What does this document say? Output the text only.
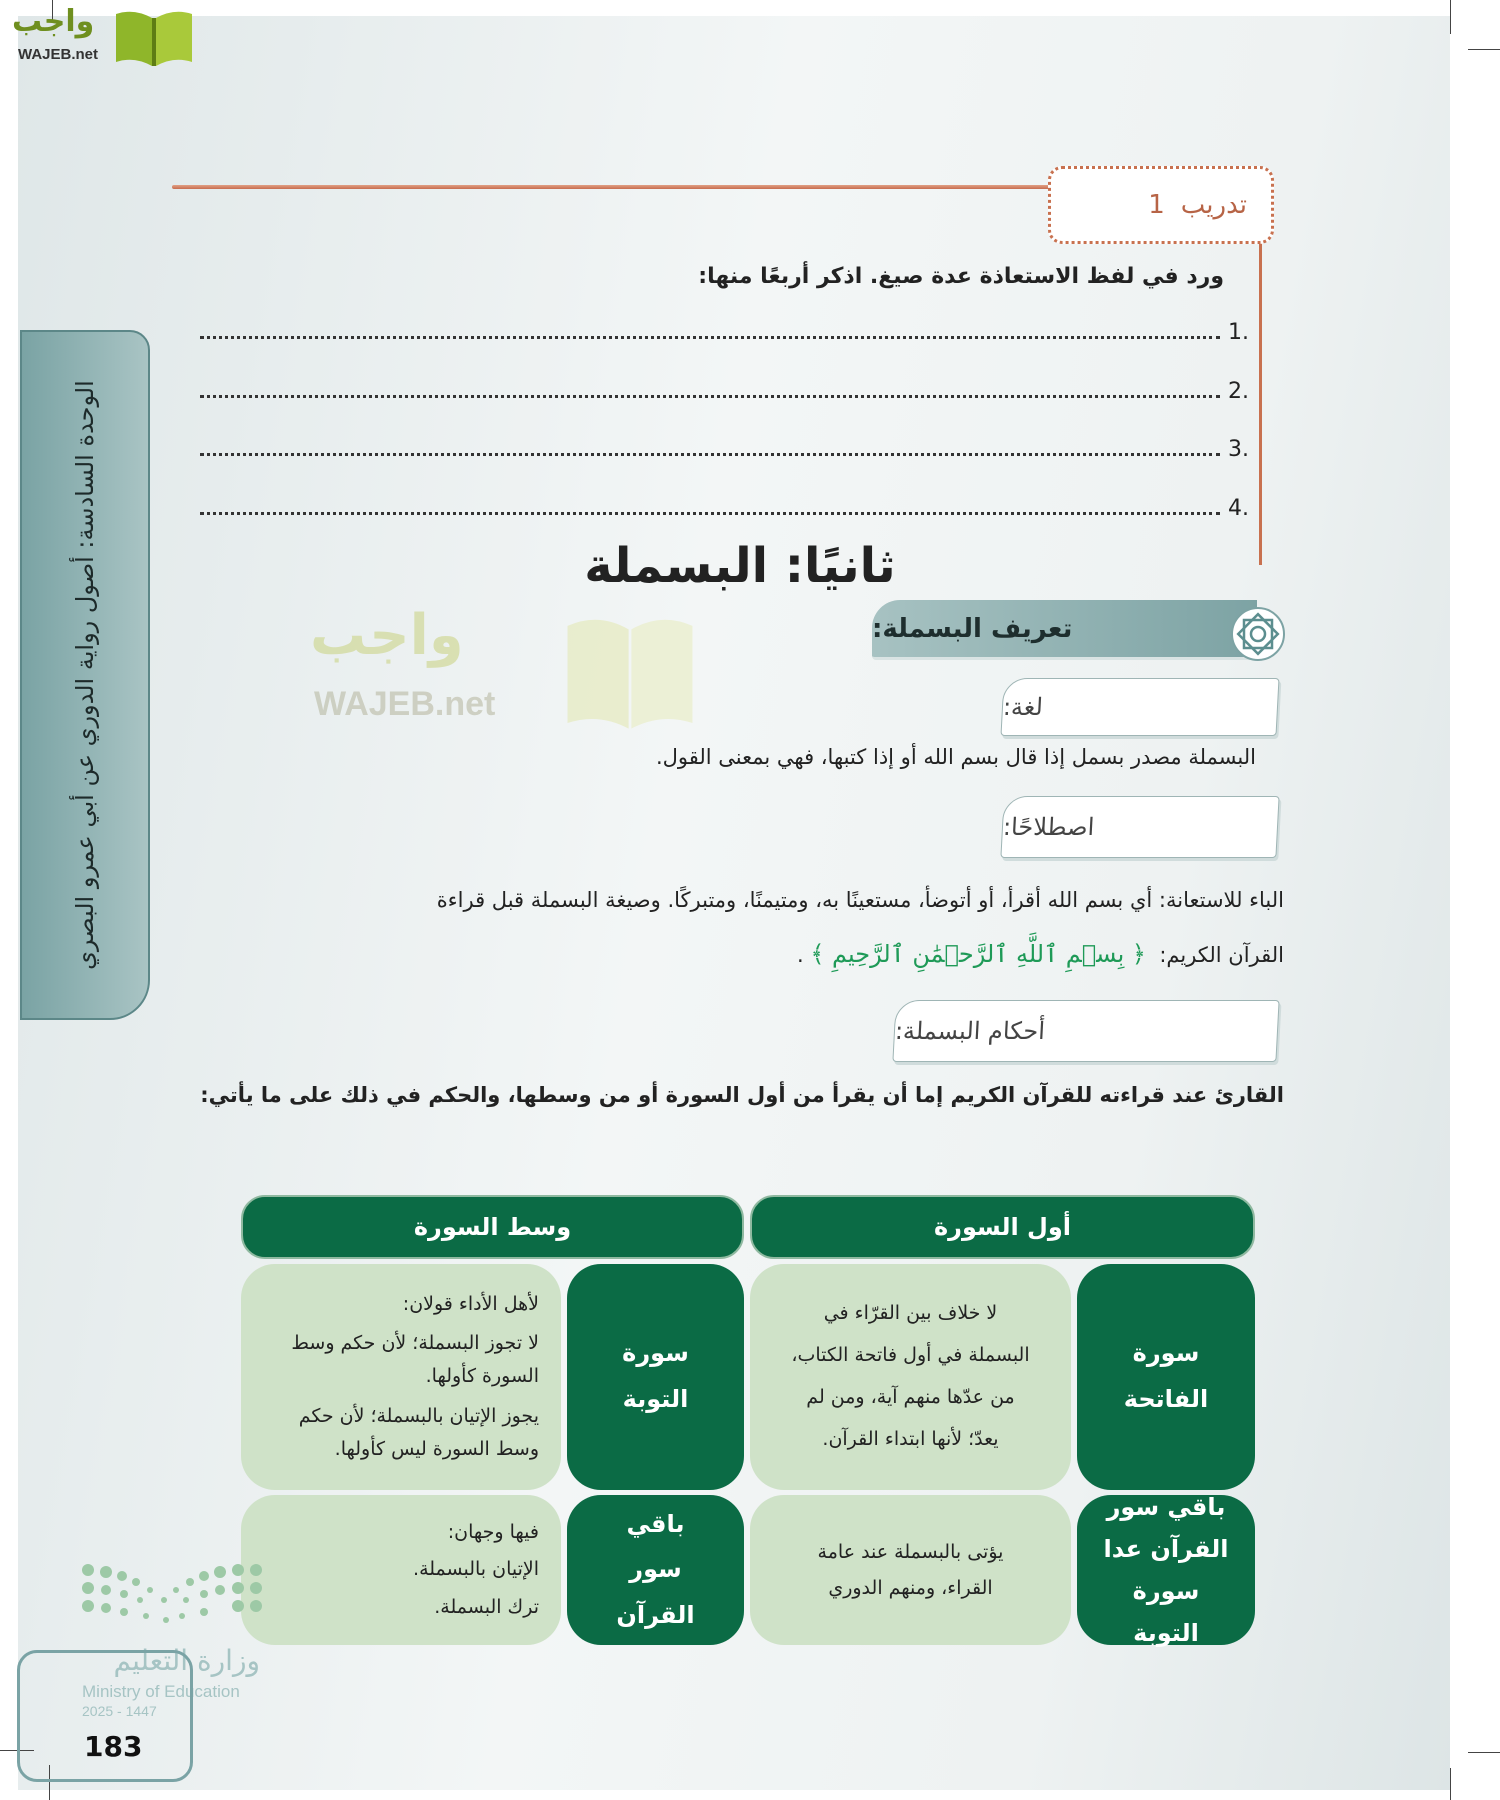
واجب
WAJEB.net
1 تدريب
ورد في لفظ الاستعاذة عدة صيغ. اذكر أربعًا منها:
1.
2.
3.
4.
الوحدة السادسة: أصول رواية الدوري عن أبي عمرو البصري	ثانيًا: البسملة
تعريف البسملة:
واجب
WAJEB.net	لغة:
البسملة مصدر بسمل إذا قال بسم الله أو إذا كتبها، فهي بمعنى القول.
اصطلاحًا:
الباء للاستعانة: أي بسم الله أقرأ، أو أتوضأ، مستعينًا به، ومتيمنًا، ومتبركًا. وصيغة البسملة قبل قراءة
القرآن الكريم:  ﴿ بِسۡمِ ٱللَّهِ ٱلرَّحۡمَٰنِ ٱلرَّحِيمِ ﴾ .
أحكام البسملة:
القارئ عند قراءته للقرآن الكريم إما أن يقرأ من أول السورة أو من وسطها، والحكم في ذلك على ما يأتي:
أول السورة
وسط السورة
سورة الفاتحة
لا خلاف بين القرّاء في
البسملة في أول فاتحة الكتاب،
من عدّها منهم آية، ومن لم
يعدّ؛ لأنها ابتداء القرآن.
سورة التوبة
لأهل الأداء قولان:
لا تجوز البسملة؛ لأن حكم وسط السورة كأولها.
يجوز الإتيان بالبسملة؛ لأن حكم وسط السورة ليس كأولها.
باقي سور القرآن عدا سورة التوبة
يؤتى بالبسملة عند عامة
القراء، ومنهم الدوري
باقي سور القرآن
فيها وجهان:
الإتيان بالبسملة.
ترك البسملة.
وزارة التعليم
Ministry of Education
2025 - 1447
183
